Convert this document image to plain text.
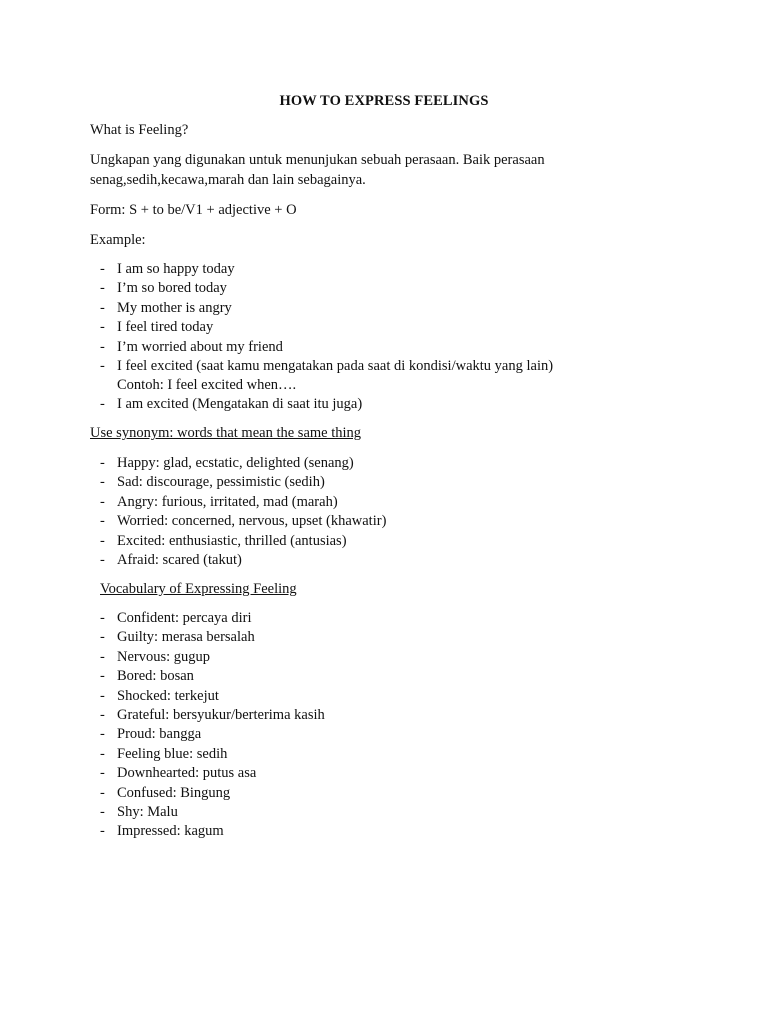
HOW TO EXPRESS FEELINGS
What is Feeling?
Ungkapan yang digunakan untuk menunjukan sebuah perasaan. Baik perasaan
senag,sedih,kecawa,marah dan lain sebagainya.
Form: S + to be/V1 + adjective + O
Example:
- I am so happy today
- I’m so bored today
- My mother is angry
- I feel tired today
- I’m worried about my friend
- I feel excited (saat kamu mengatakan pada saat di kondisi/waktu yang lain)
Contoh: I feel excited when….
- I am excited (Mengatakan di saat itu juga)
Use synonym: words that mean the same thing
- Happy: glad, ecstatic, delighted (senang)
- Sad: discourage, pessimistic (sedih)
- Angry: furious, irritated, mad (marah)
- Worried: concerned, nervous, upset (khawatir)
- Excited: enthusiastic, thrilled (antusias)
- Afraid: scared (takut)
Vocabulary of Expressing Feeling
- Confident: percaya diri
- Guilty: merasa bersalah
- Nervous: gugup
- Bored: bosan
- Shocked: terkejut
- Grateful: bersyukur/berterima kasih
- Proud: bangga
- Feeling blue: sedih
- Downhearted: putus asa
- Confused: Bingung
- Shy: Malu
- Impressed: kagum
